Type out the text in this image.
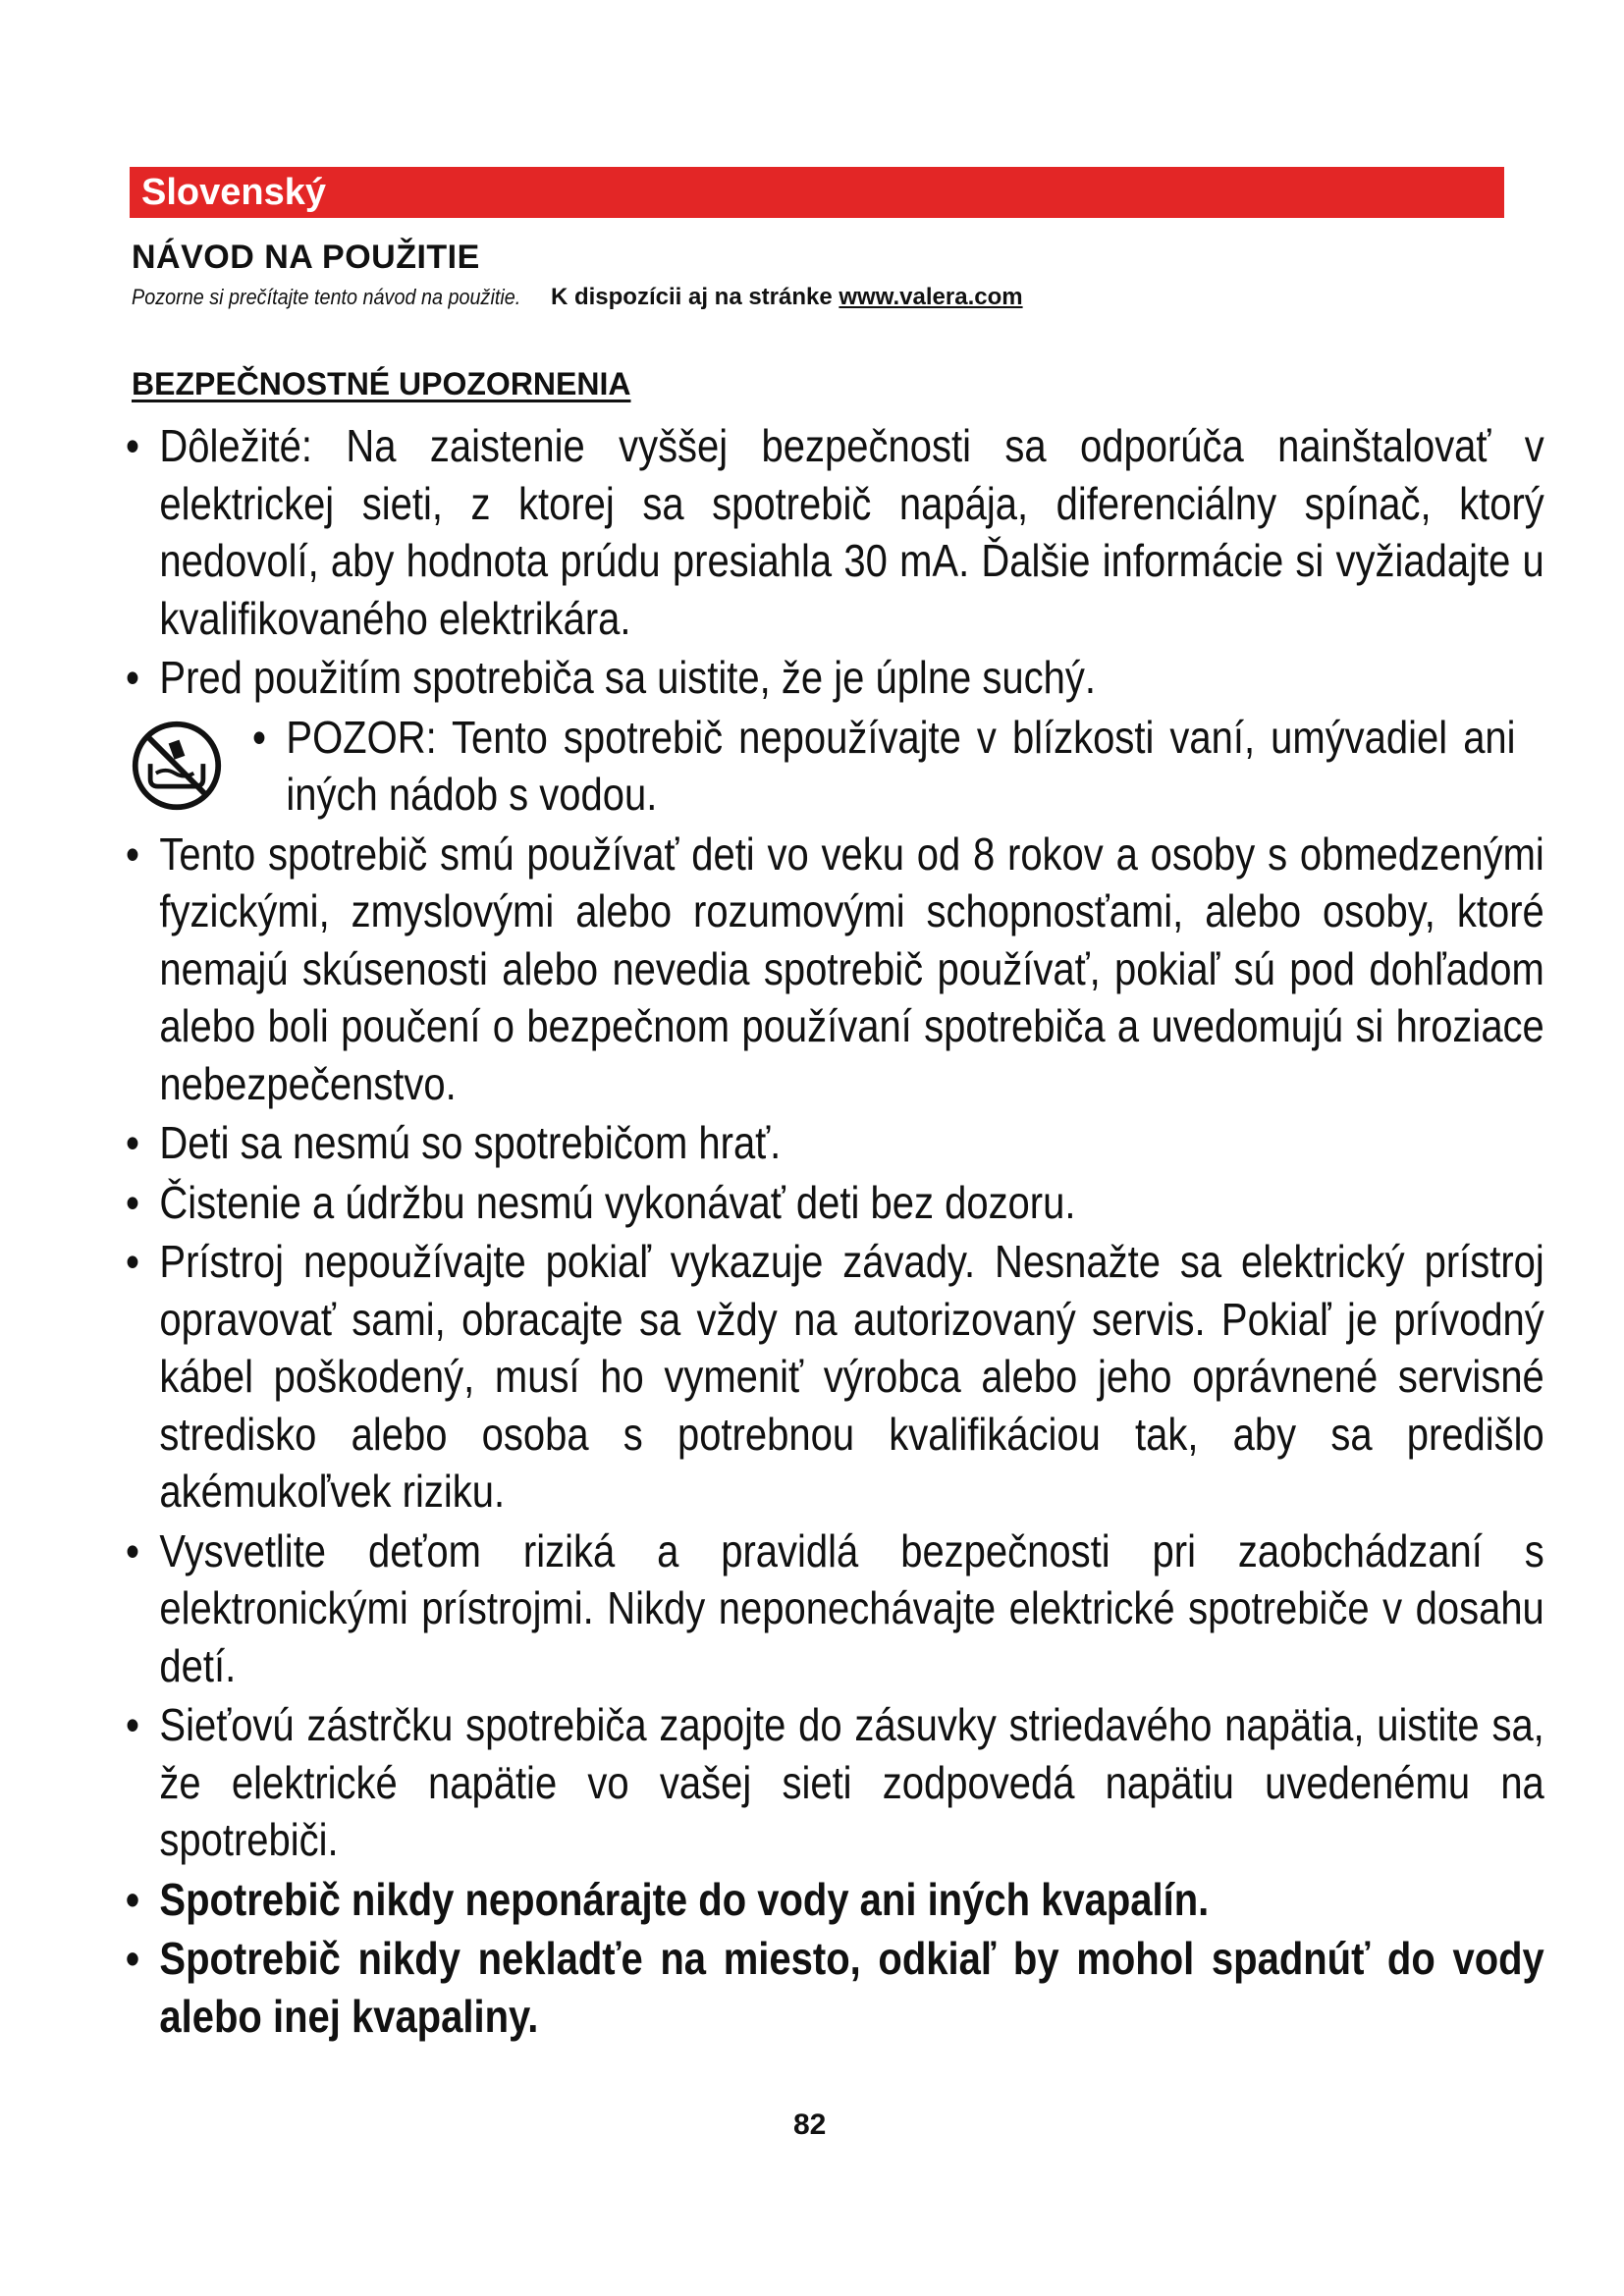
Slovenský
NÁVOD NA POUŽITIE
Pozorne si prečítajte tento návod na použitie. K dispozícii aj na stránke www.valera.com
BEZPEČNOSTNÉ UPOZORNENIA
• Dôležité: Na zaistenie vyššej bezpečnosti sa odporúča nainštalovať v elektrickej sieti, z ktorej sa spotrebič napája, diferenciálny spínač, ktorý nedovolí, aby hodnota prúdu presiahla 30 mA. Ďalšie informácie si vyžiadajte u kvalifikovaného elektrikára.
• Pred použitím spotrebiča sa uistite, že je úplne suchý.
• POZOR: Tento spotrebič nepoužívajte v blízkosti vaní, umývadiel ani iných nádob s vodou.
• Tento spotrebič smú používať deti vo veku od 8 rokov a osoby s obmedzenými fyzickými, zmyslovými alebo rozumovými schopnosťami, alebo osoby, ktoré nemajú skúsenosti alebo nevedia spotrebič používať, pokiaľ sú pod dohľadom alebo boli poučení o bezpečnom používaní spotrebiča a uvedomujú si hroziace nebezpečenstvo.
• Deti sa nesmú so spotrebičom hrať.
• Čistenie a údržbu nesmú vykonávať deti bez dozoru.
• Prístroj nepoužívajte pokiaľ vykazuje závady. Nesnažte sa elektrický prístroj opravovať sami, obracajte sa vždy na autorizovaný servis. Pokiaľ je prívodný kábel poškodený, musí ho vymeniť výrobca alebo jeho oprávnené servisné stredisko alebo osoba s potrebnou kvalifikáciou tak, aby sa predišlo akémukoľvek riziku.
• Vysvetlite deťom riziká a pravidlá bezpečnosti pri zaobchádzaní s elektronickými prístrojmi. Nikdy neponechávajte elektrické spotrebiče v dosahu detí.
• Sieťovú zástrčku spotrebiča zapojte do zásuvky striedavého napätia, uistite sa, že elektrické napätie vo vašej sieti zodpovedá napätiu uvedenému na spotrebiči.
• Spotrebič nikdy neponárajte do vody ani iných kvapalín.
• Spotrebič nikdy nekladťe na miesto, odkiaľ by mohol spadnúť do vody alebo inej kvapaliny.
82
